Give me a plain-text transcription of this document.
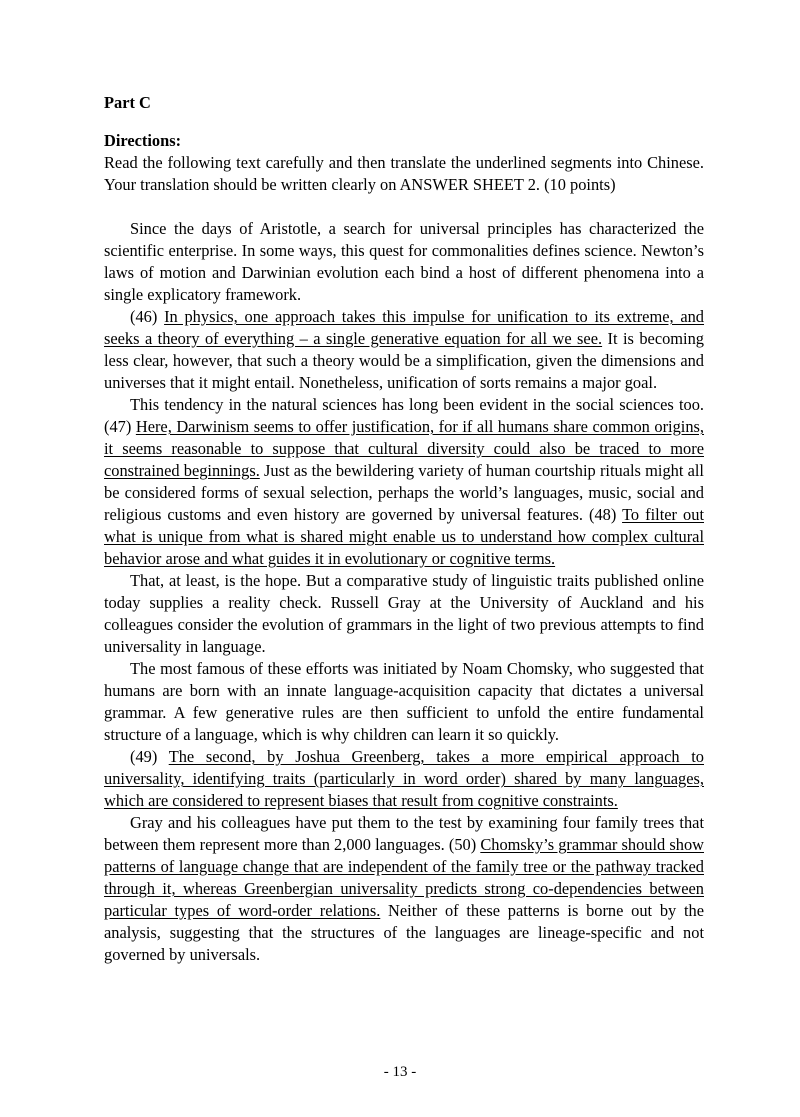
Part C
Directions:

Read the following text carefully and then translate the underlined segments into Chinese. Your translation should be written clearly on ANSWER SHEET 2. (10 points)

Since the days of Aristotle, a search for universal principles has characterized the scientific enterprise. In some ways, this quest for commonalities defines science. Newton’s laws of motion and Darwinian evolution each bind a host of different phenomena into a single explicatory framework.

(46) In physics, one approach takes this impulse for unification to its extreme, and seeks a theory of everything – a single generative equation for all we see. It is becoming less clear, however, that such a theory would be a simplification, given the dimensions and universes that it might entail. Nonetheless, unification of sorts remains a major goal.

This tendency in the natural sciences has long been evident in the social sciences too. (47) Here, Darwinism seems to offer justification, for if all humans share common origins, it seems reasonable to suppose that cultural diversity could also be traced to more constrained beginnings. Just as the bewildering variety of human courtship rituals might all be considered forms of sexual selection, perhaps the world’s languages, music, social and religious customs and even history are governed by universal features. (48) To filter out what is unique from what is shared might enable us to understand how complex cultural behavior arose and what guides it in evolutionary or cognitive terms.

That, at least, is the hope. But a comparative study of linguistic traits published online today supplies a reality check. Russell Gray at the University of Auckland and his colleagues consider the evolution of grammars in the light of two previous attempts to find universality in language.

The most famous of these efforts was initiated by Noam Chomsky, who suggested that humans are born with an innate language-acquisition capacity that dictates a universal grammar. A few generative rules are then sufficient to unfold the entire fundamental structure of a language, which is why children can learn it so quickly.

(49) The second, by Joshua Greenberg, takes a more empirical approach to universality, identifying traits (particularly in word order) shared by many languages, which are considered to represent biases that result from cognitive constraints.

Gray and his colleagues have put them to the test by examining four family trees that between them represent more than 2,000 languages. (50) Chomsky’s grammar should show patterns of language change that are independent of the family tree or the pathway tracked through it, whereas Greenbergian universality predicts strong co-dependencies between particular types of word-order relations. Neither of these patterns is borne out by the analysis, suggesting that the structures of the languages are lineage-specific and not governed by universals.

- 13 -
